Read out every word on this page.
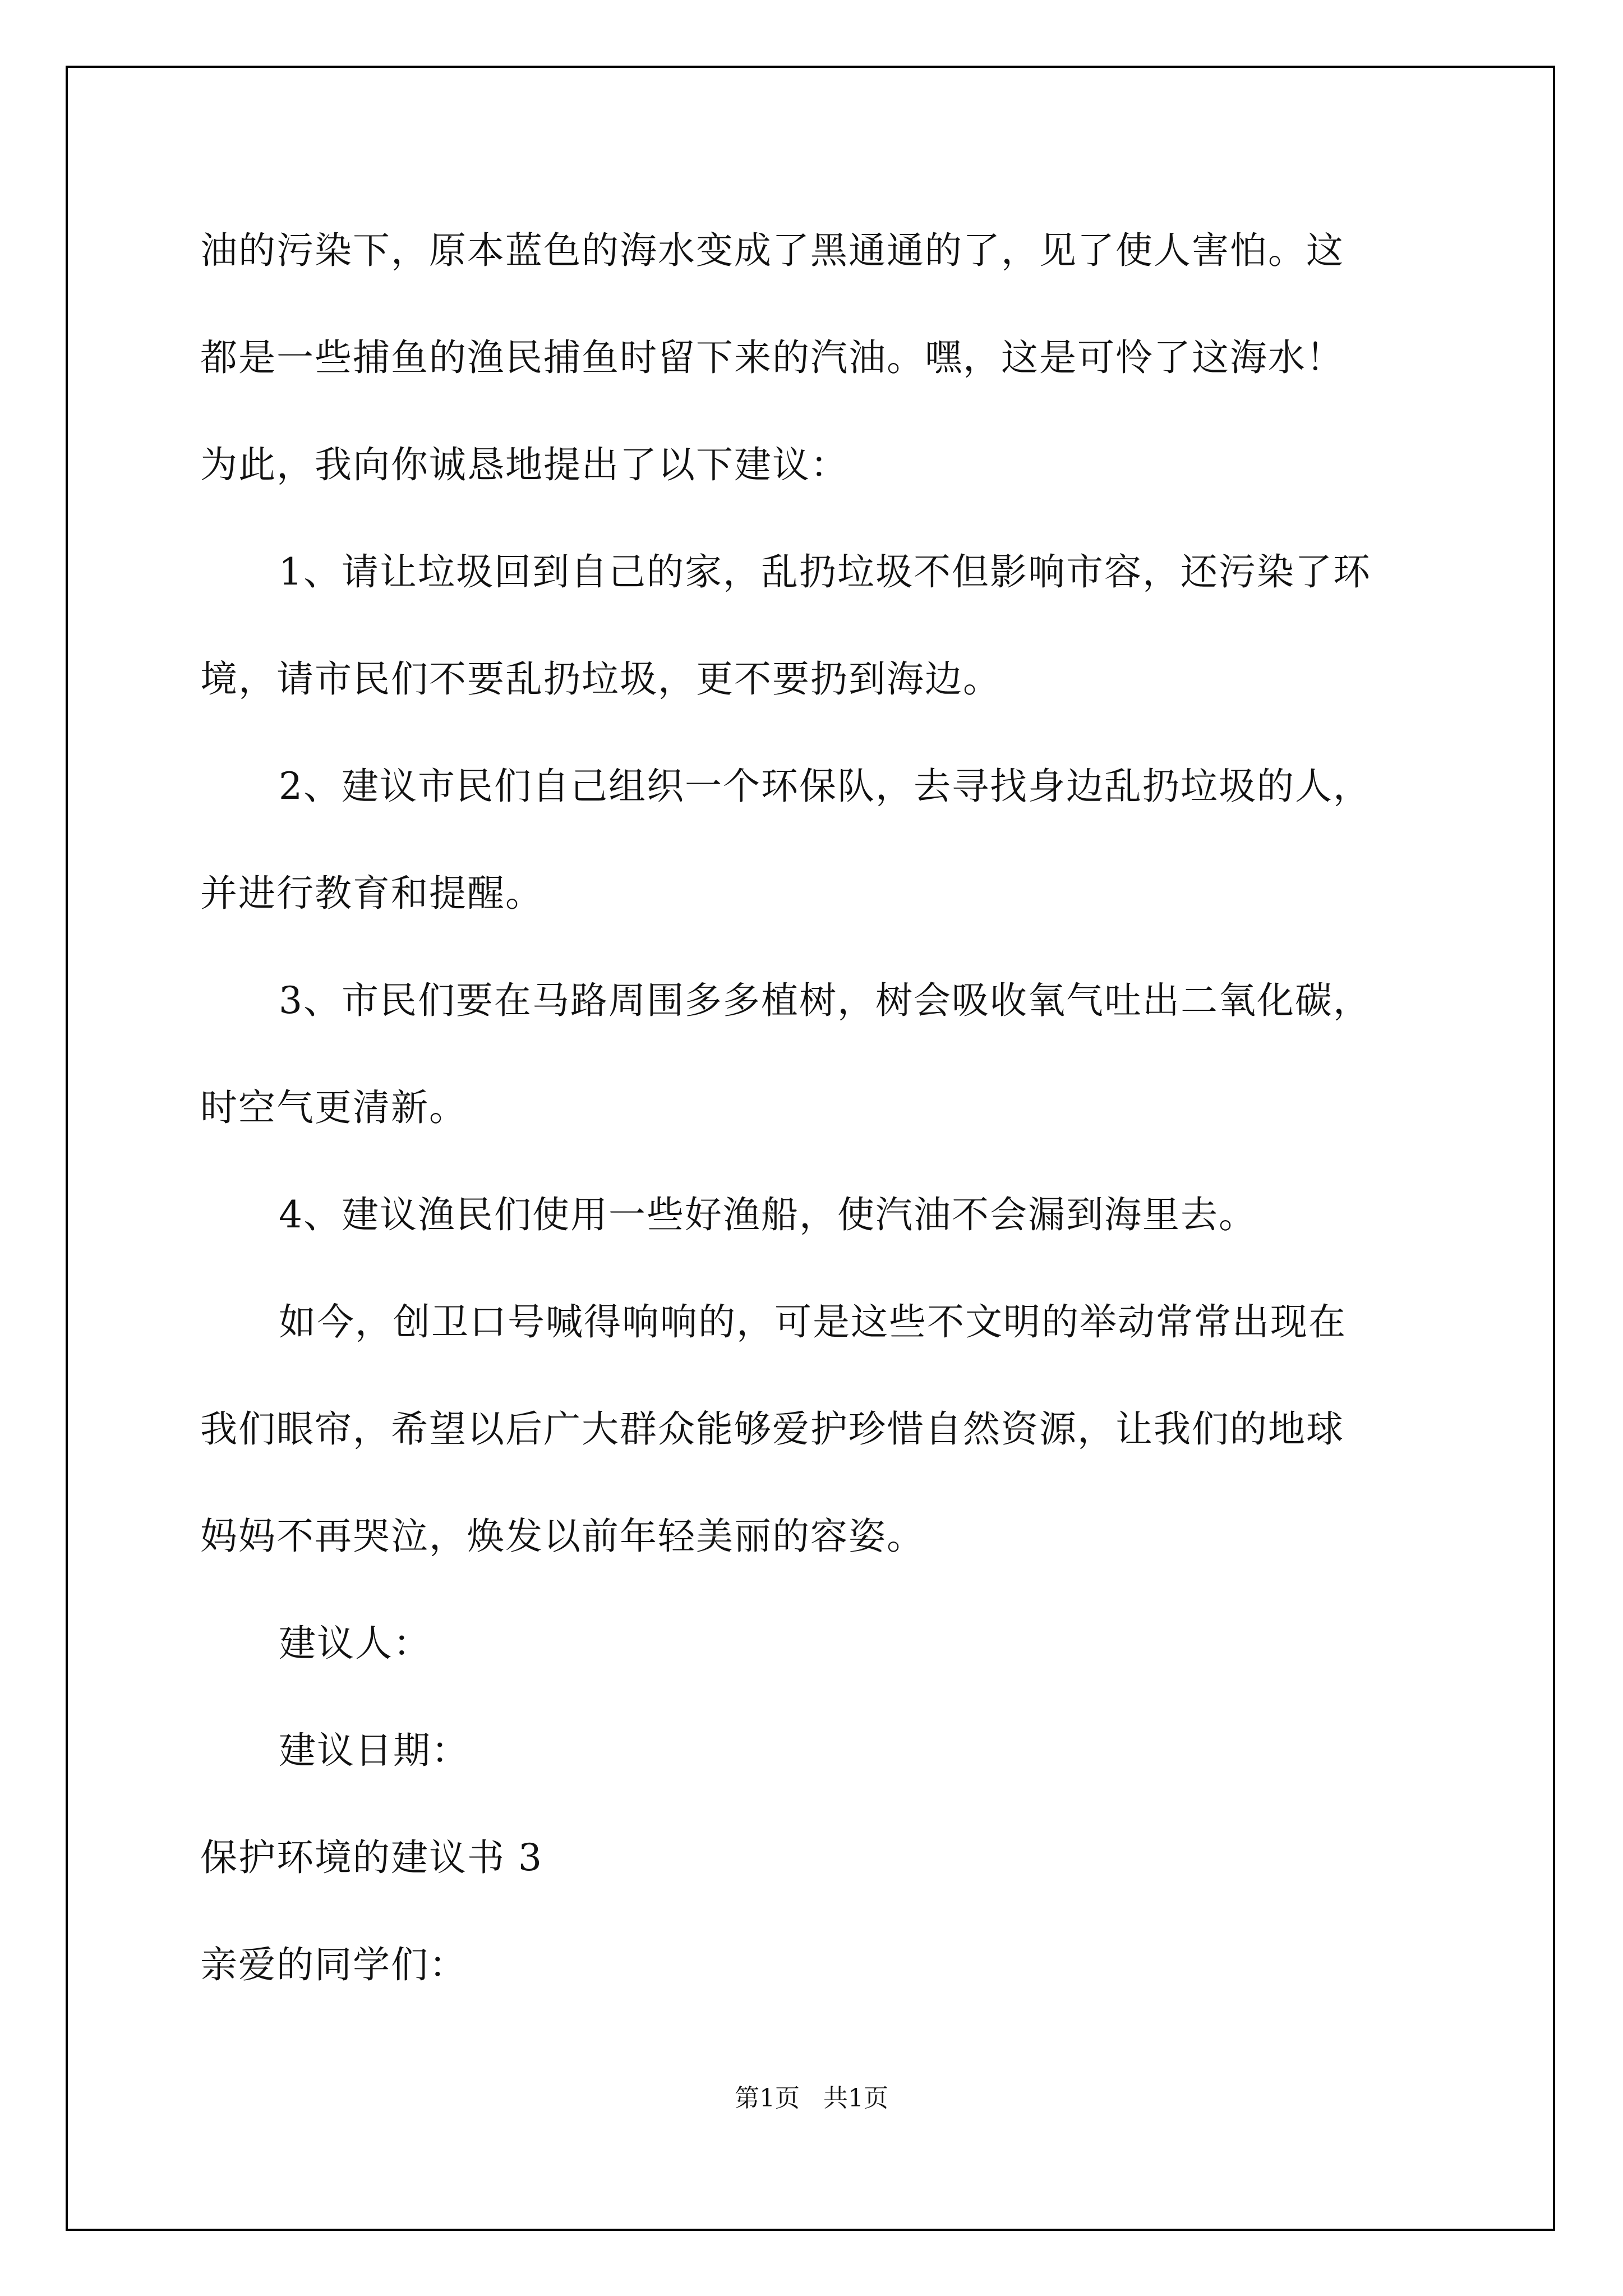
油的污染下，原本蓝色的海水变成了黑通通的了，见了使人害怕。这
都是一些捕鱼的渔民捕鱼时留下来的汽油。嘿，这是可怜了这海水！
为此，我向你诚恳地提出了以下建议：
1、请让垃圾回到自己的家，乱扔垃圾不但影响市容，还污染了环
境，请市民们不要乱扔垃圾，更不要扔到海边。
2、建议市民们自己组织一个环保队，去寻找身边乱扔垃圾的人，
并进行教育和提醒。
3、市民们要在马路周围多多植树，树会吸收氧气吐出二氧化碳，
时空气更清新。
4、建议渔民们使用一些好渔船，使汽油不会漏到海里去。
如今，创卫口号喊得响响的，可是这些不文明的举动常常出现在
我们眼帘，希望以后广大群众能够爱护珍惜自然资源，让我们的地球
妈妈不再哭泣，焕发以前年轻美丽的容姿。
建议人：
建议日期：
保护环境的建议书 3
亲爱的同学们：
第1页   共1页
